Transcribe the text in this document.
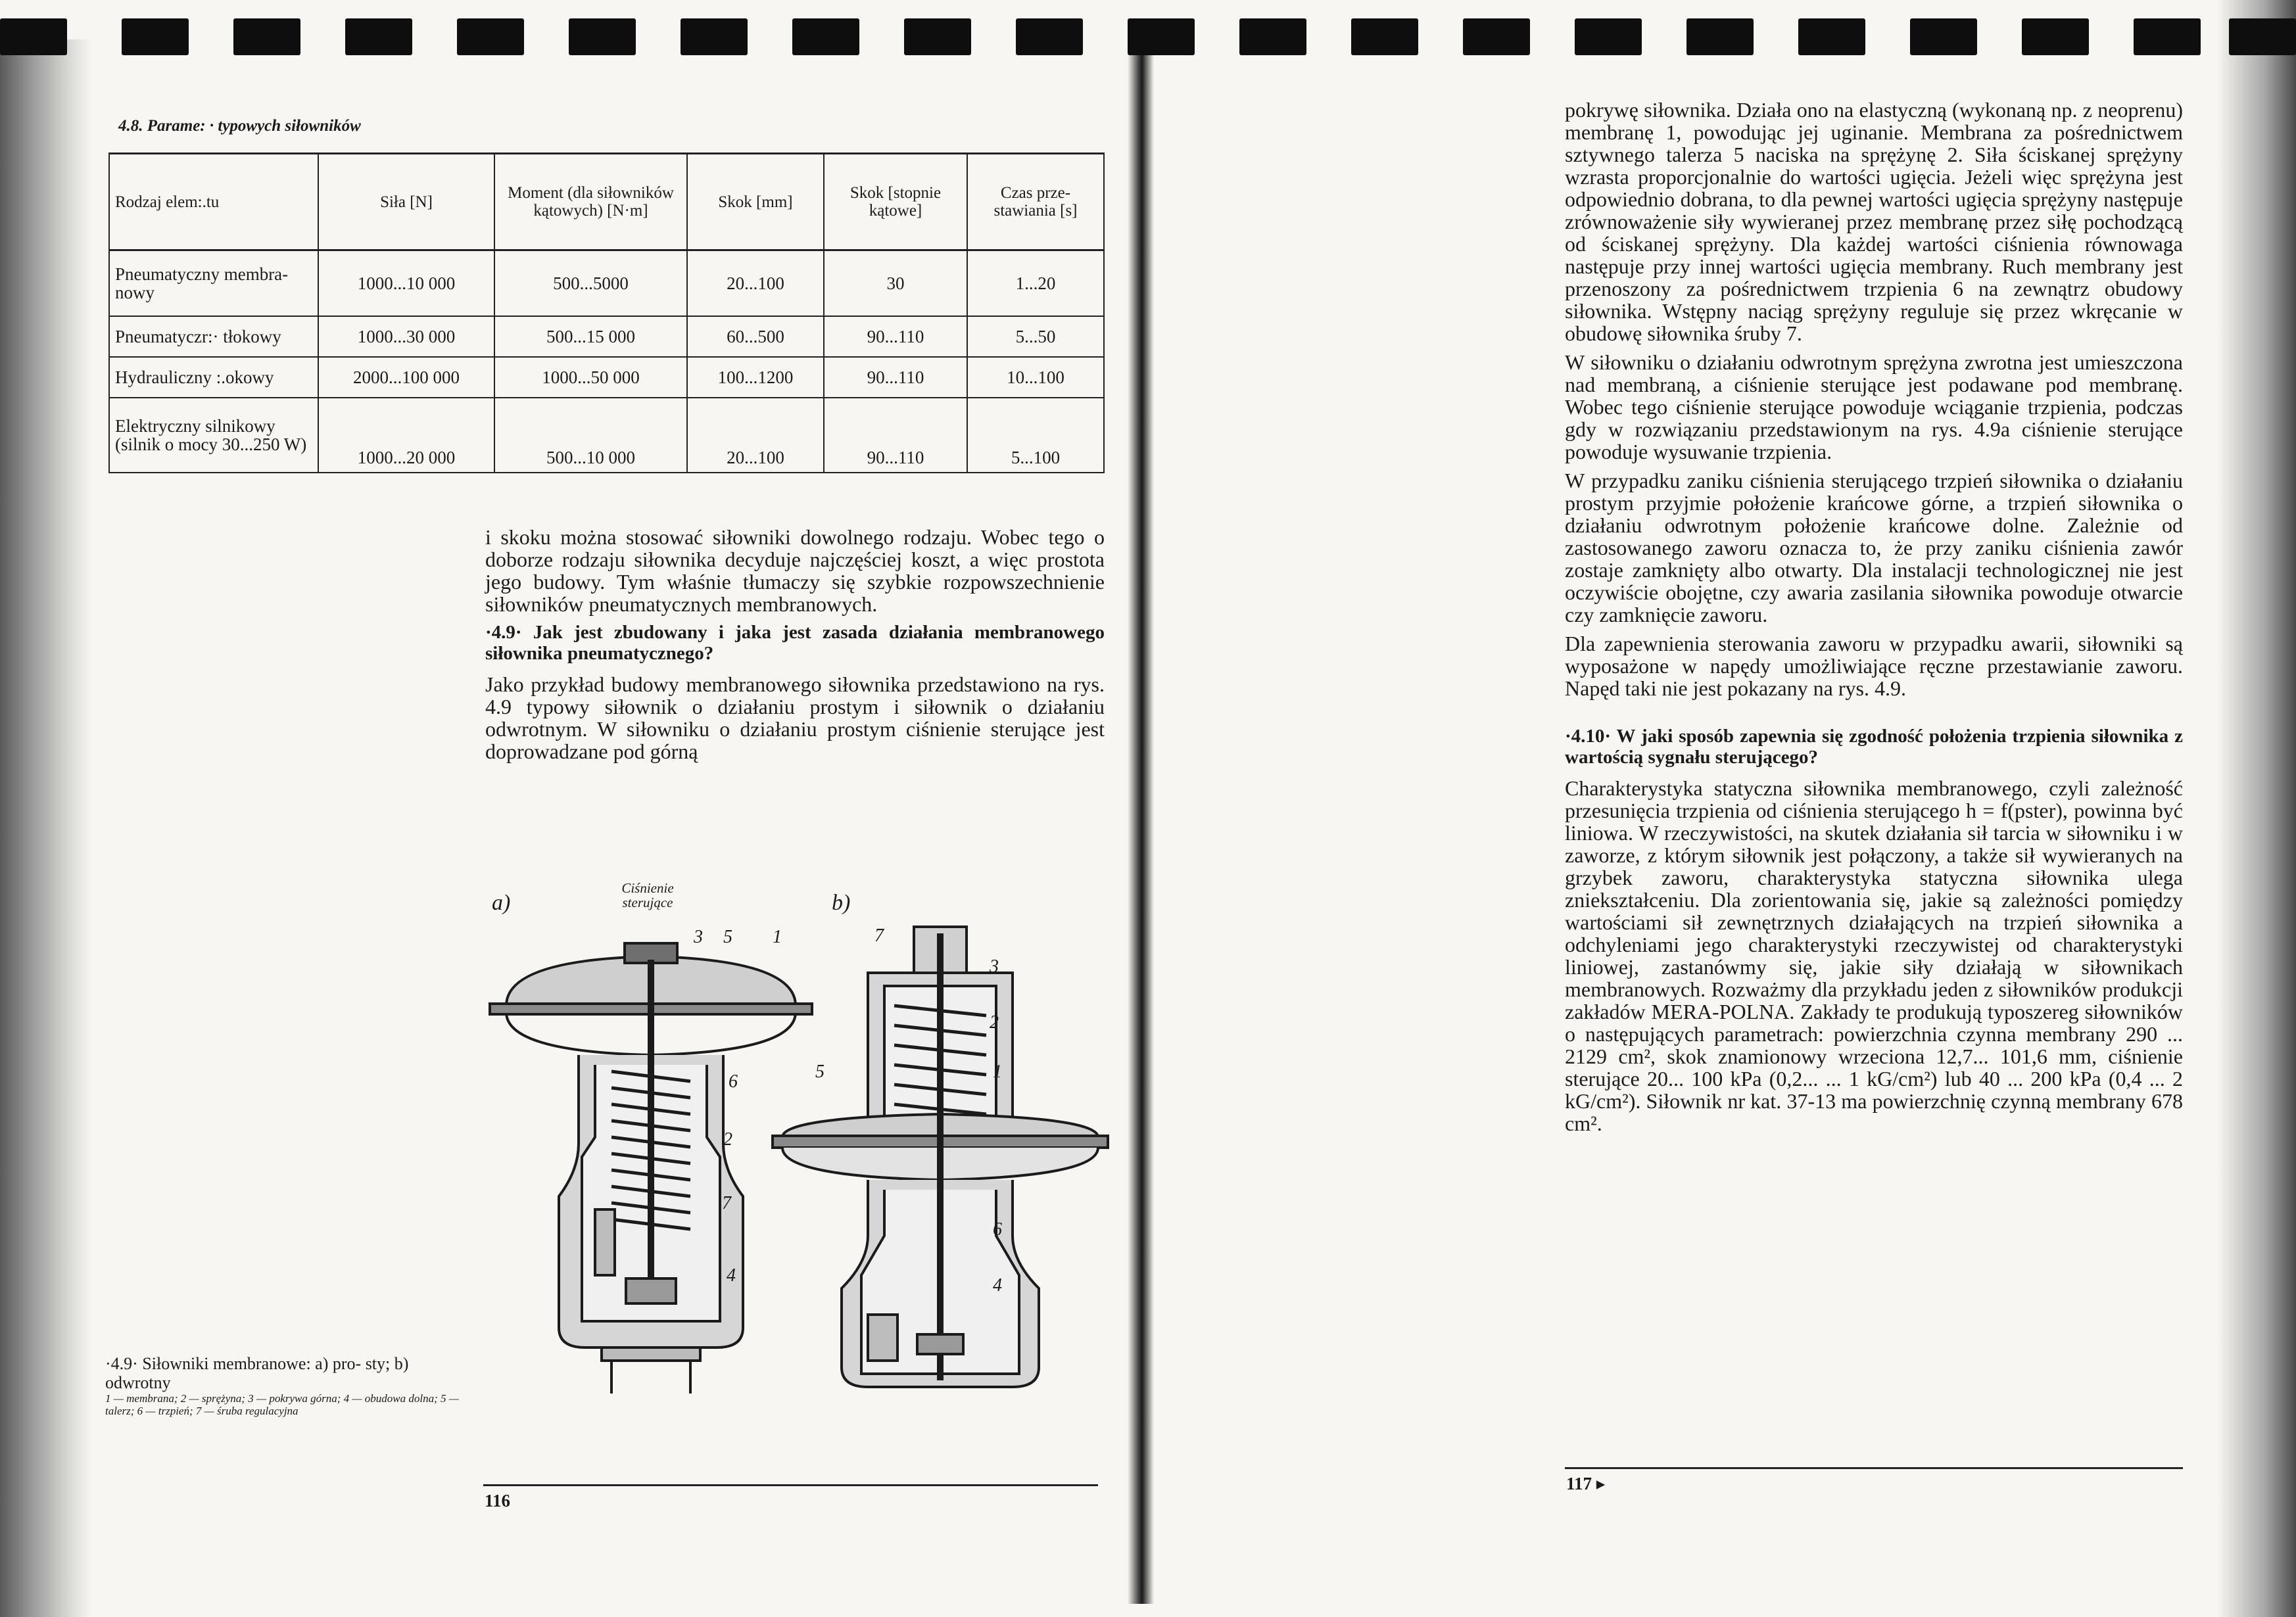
4.8. Parame: · typowych siłowników
Rodzaj elem:.tu	Siła [N]	Moment (dla siłowników kątowych) [N·m]	Skok [mm]	Skok [stopnie kątowe]	Czas prze- stawiania [s]
Pneumatyczny membra- nowy	1000...10 000	500...5000	20...100	30	1...20
Pneumatyczr:· tłokowy	1000...30 000	500...15 000	60...500	90...110	5...50
Hydrauliczny :.okowy	2000...100 000	1000...50 000	100...1200	90...110	10...100
Elektryczny silnikowy (silnik o mocy 30...250 W)	1000...20 000	500...10 000	20...100	90...110	5...100

i skoku można stosować siłowniki dowolnego rodzaju. Wobec tego o doborze rodzaju siłownika decyduje najczęściej koszt, a więc prostota jego budowy. Tym właśnie tłumaczy się szybkie rozpowszechnienie siłowników pneumatycznych membranowych.

·4.9· Jak jest zbudowany i jaka jest zasada działania membranowego siłownika pneumatycznego?

Jako przykład budowy membranowego siłownika przedstawiono na rys. 4.9 typowy siłownik o działaniu prostym i siłownik o działaniu odwrotnym. W siłowniku o działaniu prostym ciśnienie sterujące jest doprowadzane pod górną

a)	b)
Ciśnienie
sterujące
3 5 1
6
2
7
4
7
3
2
5	1
6
4
·4.9· Siłowniki membranowe: a) pro- sty; b) odwrotny
1 — membrana; 2 — sprężyna; 3 — pokrywa górna; 4 — obudowa dolna; 5 — talerz; 6 — trzpień; 7 — śruba regulacyjna
116

pokrywę siłownika. Działa ono na elastyczną (wykonaną np. z neoprenu) membranę 1, powodując jej uginanie. Membrana za pośrednictwem sztywnego talerza 5 naciska na sprężynę 2. Siła ściskanej sprężyny wzrasta proporcjonalnie do wartości ugięcia. Jeżeli więc sprężyna jest odpowiednio dobrana, to dla pewnej wartości ugięcia sprężyny następuje zrównoważenie siły wywieranej przez membranę przez siłę pochodzącą od ściskanej sprężyny. Dla każdej wartości ciśnienia równowaga następuje przy innej wartości ugięcia membrany. Ruch membrany jest przenoszony za pośrednictwem trzpienia 6 na zewnątrz obudowy siłownika. Wstępny naciąg sprężyny reguluje się przez wkręcanie w obudowę siłownika śruby 7.

W siłowniku o działaniu odwrotnym sprężyna zwrotna jest umieszczona nad membraną, a ciśnienie sterujące jest podawane pod membranę. Wobec tego ciśnienie sterujące powoduje wciąganie trzpienia, podczas gdy w rozwiązaniu przedstawionym na rys. 4.9a ciśnienie sterujące powoduje wysuwanie trzpienia.

W przypadku zaniku ciśnienia sterującego trzpień siłownika o działaniu prostym przyjmie położenie krańcowe górne, a trzpień siłownika o działaniu odwrotnym położenie krańcowe dolne. Zależnie od zastosowanego zaworu oznacza to, że przy zaniku ciśnienia zawór zostaje zamknięty albo otwarty. Dla instalacji technologicznej nie jest oczywiście obojętne, czy awaria zasilania siłownika powoduje otwarcie czy zamknięcie zaworu.

Dla zapewnienia sterowania zaworu w przypadku awarii, siłowniki są wyposażone w napędy umożliwiające ręczne przestawianie zaworu. Napęd taki nie jest pokazany na rys. 4.9.

·4.10· W jaki sposób zapewnia się zgodność położenia trzpienia siłownika z wartością sygnału sterującego?

Charakterystyka statyczna siłownika membranowego, czyli zależność przesunięcia trzpienia od ciśnienia sterującego h = f(pster), powinna być liniowa. W rzeczywistości, na skutek działania sił tarcia w siłowniku i w zaworze, z którym siłownik jest połączony, a także sił wywieranych na grzybek zaworu, charakterystyka statyczna siłownika ulega zniekształceniu. Dla zorientowania się, jakie są zależności pomiędzy wartościami sił zewnętrznych działających na trzpień siłownika a odchyleniami jego charakterystyki rzeczywistej od charakterystyki liniowej, zastanówmy się, jakie siły działają w siłownikach membranowych. Rozważmy dla przykładu jeden z siłowników produkcji zakładów MERA-POLNA. Zakłady te produkują typoszereg siłowników o następujących parametrach: powierzchnia czynna membrany 290 ... 2129 cm², skok znamionowy wrzeciona 12,7... 101,6 mm, ciśnienie sterujące 20... 100 kPa (0,2... ... 1 kG/cm²) lub 40 ... 200 kPa (0,4 ... 2 kG/cm²). Siłownik nr kat. 37-13 ma powierzchnię czynną membrany 678 cm².

117 ▸
